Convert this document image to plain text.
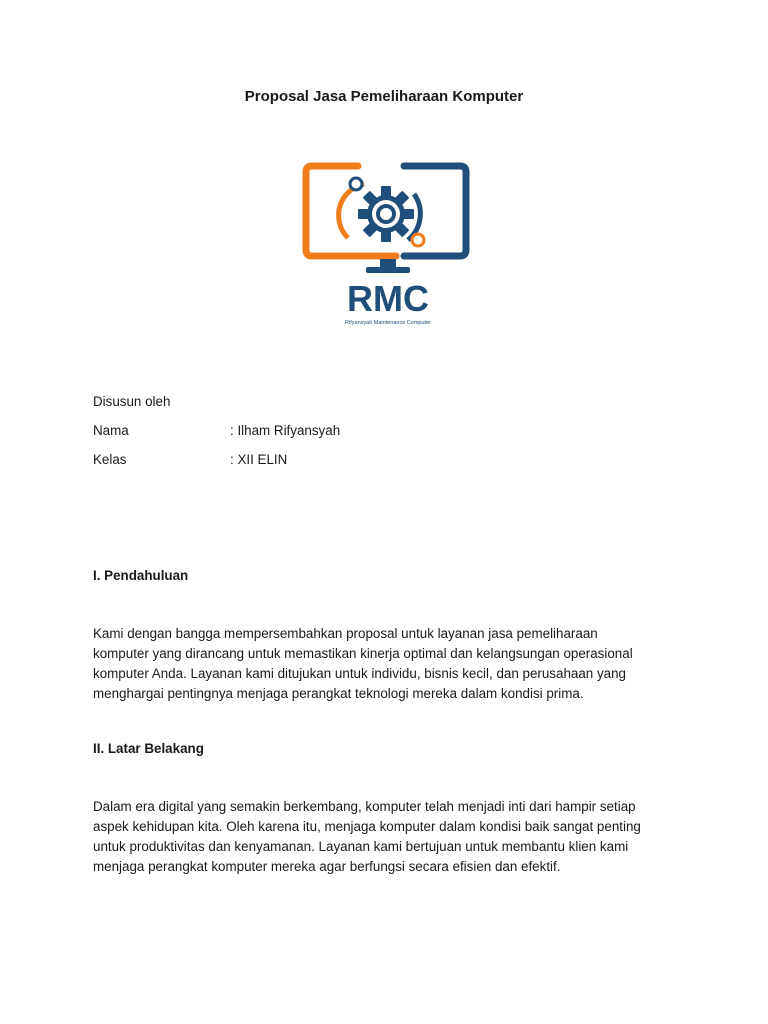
Proposal Jasa Pemeliharaan Komputer
RMC
Rifyansyah Maintenance Computer
Disusun oleh
Nama	: Ilham Rifyansyah
Kelas	: XII ELIN
I. Pendahuluan
Kami dengan bangga mempersembahkan proposal untuk layanan jasa pemeliharaan
komputer yang dirancang untuk memastikan kinerja optimal dan kelangsungan operasional
komputer Anda. Layanan kami ditujukan untuk individu, bisnis kecil, dan perusahaan yang
menghargai pentingnya menjaga perangkat teknologi mereka dalam kondisi prima.
II. Latar Belakang
Dalam era digital yang semakin berkembang, komputer telah menjadi inti dari hampir setiap
aspek kehidupan kita. Oleh karena itu, menjaga komputer dalam kondisi baik sangat penting
untuk produktivitas dan kenyamanan. Layanan kami bertujuan untuk membantu klien kami
menjaga perangkat komputer mereka agar berfungsi secara efisien dan efektif.
